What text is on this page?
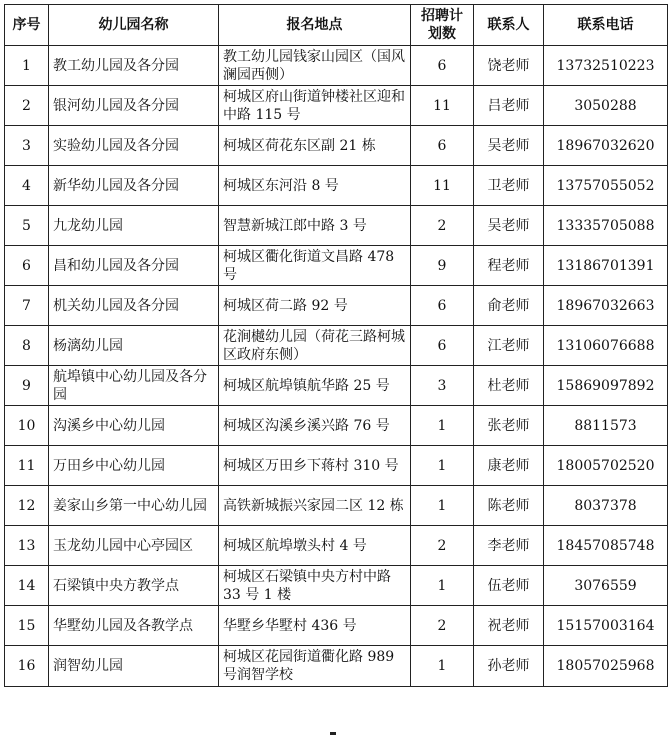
序号	幼儿园名称	报名地点	招聘计划数	联系人	联系电话
1	教工幼儿园及各分园	教工幼儿园钱家山园区（国风澜园西侧）	6	饶老师	13732510223
2	银河幼儿园及各分园	柯城区府山街道钟楼社区迎和中路 115 号	11	吕老师	3050288
3	实验幼儿园及各分园	柯城区荷花东区副 21 栋	6	吴老师	18967032620
4	新华幼儿园及各分园	柯城区东河沿 8 号	11	卫老师	13757055052
5	九龙幼儿园	智慧新城江郎中路 3 号	2	吴老师	13335705088
6	昌和幼儿园及各分园	柯城区衢化街道文昌路 478 号	9	程老师	13186701391
7	机关幼儿园及各分园	柯城区荷二路 92 号	6	俞老师	18967032663
8	杨漓幼儿园	花涧樾幼儿园（荷花三路柯城区政府东侧）	6	江老师	13106076688
9	航埠镇中心幼儿园及各分园	柯城区航埠镇航华路 25 号	3	杜老师	15869097892
10	沟溪乡中心幼儿园	柯城区沟溪乡溪兴路 76 号	1	张老师	8811573
11	万田乡中心幼儿园	柯城区万田乡下蒋村 310 号	1	康老师	18005702520
12	姜家山乡第一中心幼儿园	高铁新城振兴家园二区 12 栋	1	陈老师	8037378
13	玉龙幼儿园中心亭园区	柯城区航埠墩头村 4 号	2	李老师	18457085748
14	石梁镇中央方教学点	柯城区石梁镇中央方村中路 33 号 1 楼	1	伍老师	3076559
15	华墅幼儿园及各教学点	华墅乡华墅村 436 号	2	祝老师	15157003164
16	润智幼儿园	柯城区花园街道衢化路 989 号润智学校	1	孙老师	18057025968
